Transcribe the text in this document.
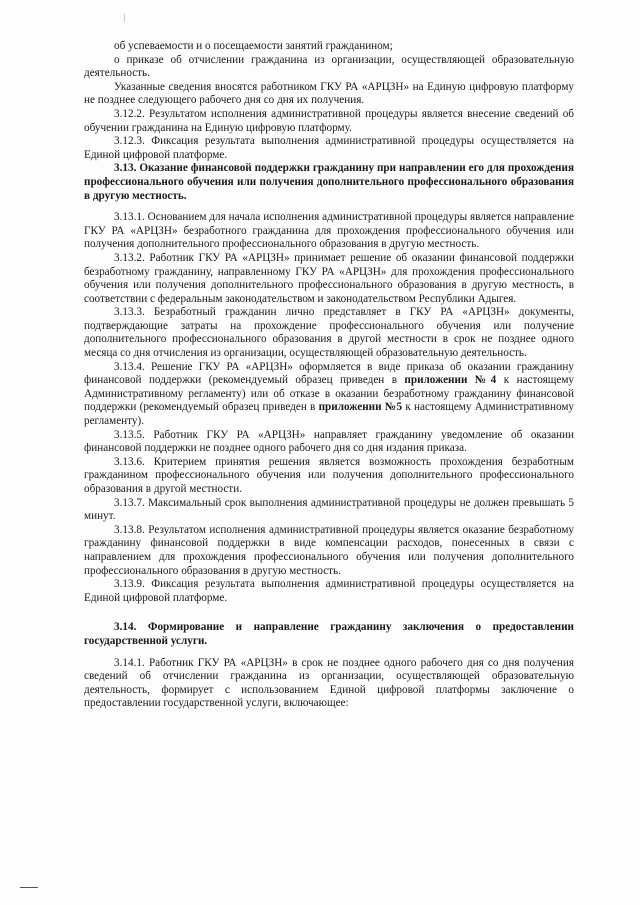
об успеваемости и о посещаемости занятий гражданином;

о приказе об отчислении гражданина из организации, осуществляющей образовательную деятельность.

Указанные сведения вносятся работником ГКУ РА «АРЦЗН» на Единую цифровую платформу не позднее следующего рабочего дня со дня их получения.

3.12.2. Результатом исполнения административной процедуры является внесение сведений об обучении гражданина на Единую цифровую платформу.

3.12.3. Фиксация результата выполнения административной процедуры осуществляется на Единой цифровой платформе.

3.13. Оказание финансовой поддержки гражданину при направлении его для прохождения профессионального обучения или получения дополнительного профессионального образования в другую местность.

3.13.1. Основанием для начала исполнения административной процедуры является направление ГКУ РА «АРЦЗН» безработного гражданина для прохождения профессионального обучения или получения дополнительного профессионального образования в другую местность.

3.13.2. Работник ГКУ РА «АРЦЗН» принимает решение об оказании финансовой поддержки безработному гражданину, направленному ГКУ РА «АРЦЗН» для прохождения профессионального обучения или получения дополнительного профессионального образования в другую местность, в соответствии с федеральным законодательством и законодательством Республики Адыгея.

3.13.3. Безработный гражданин лично представляет в ГКУ РА «АРЦЗН» документы, подтверждающие затраты на прохождение профессионального обучения или получение дополнительного профессионального образования в другой местности в срок не позднее одного месяца со дня отчисления из организации, осуществляющей образовательную деятельность.

3.13.4. Решение ГКУ РА «АРЦЗН» оформляется в виде приказа об оказании гражданину финансовой поддержки (рекомендуемый образец приведен в приложении №4 к настоящему Административному регламенту) или об отказе в оказании безработному гражданину финансовой поддержки (рекомендуемый образец приведен в приложении №5 к настоящему Административному регламенту).

3.13.5. Работник ГКУ РА «АРЦЗН» направляет гражданину уведомление об оказании финансовой поддержки не позднее одного рабочего дня со дня издания приказа.

3.13.6. Критерием принятия решения является возможность прохождения безработным гражданином профессионального обучения или получения дополнительного профессионального образования в другой местности.

3.13.7. Максимальный срок выполнения административной процедуры не должен превышать 5 минут.

3.13.8. Результатом исполнения административной процедуры является оказание безработному гражданину финансовой поддержки в виде компенсации расходов, понесенных в связи с направлением для прохождения профессионального обучения или получения дополнительного профессионального образования в другую местность.

3.13.9. Фиксация результата выполнения административной процедуры осуществляется на Единой цифровой платформе.

3.14. Формирование и направление гражданину заключения о предоставлении государственной услуги.

3.14.1. Работник ГКУ РА «АРЦЗН» в срок не позднее одного рабочего дня со дня получения сведений об отчислении гражданина из организации, осуществляющей образовательную деятельность, формирует с использованием Единой цифровой платформы заключение о предоставлении государственной услуги, включающее:
